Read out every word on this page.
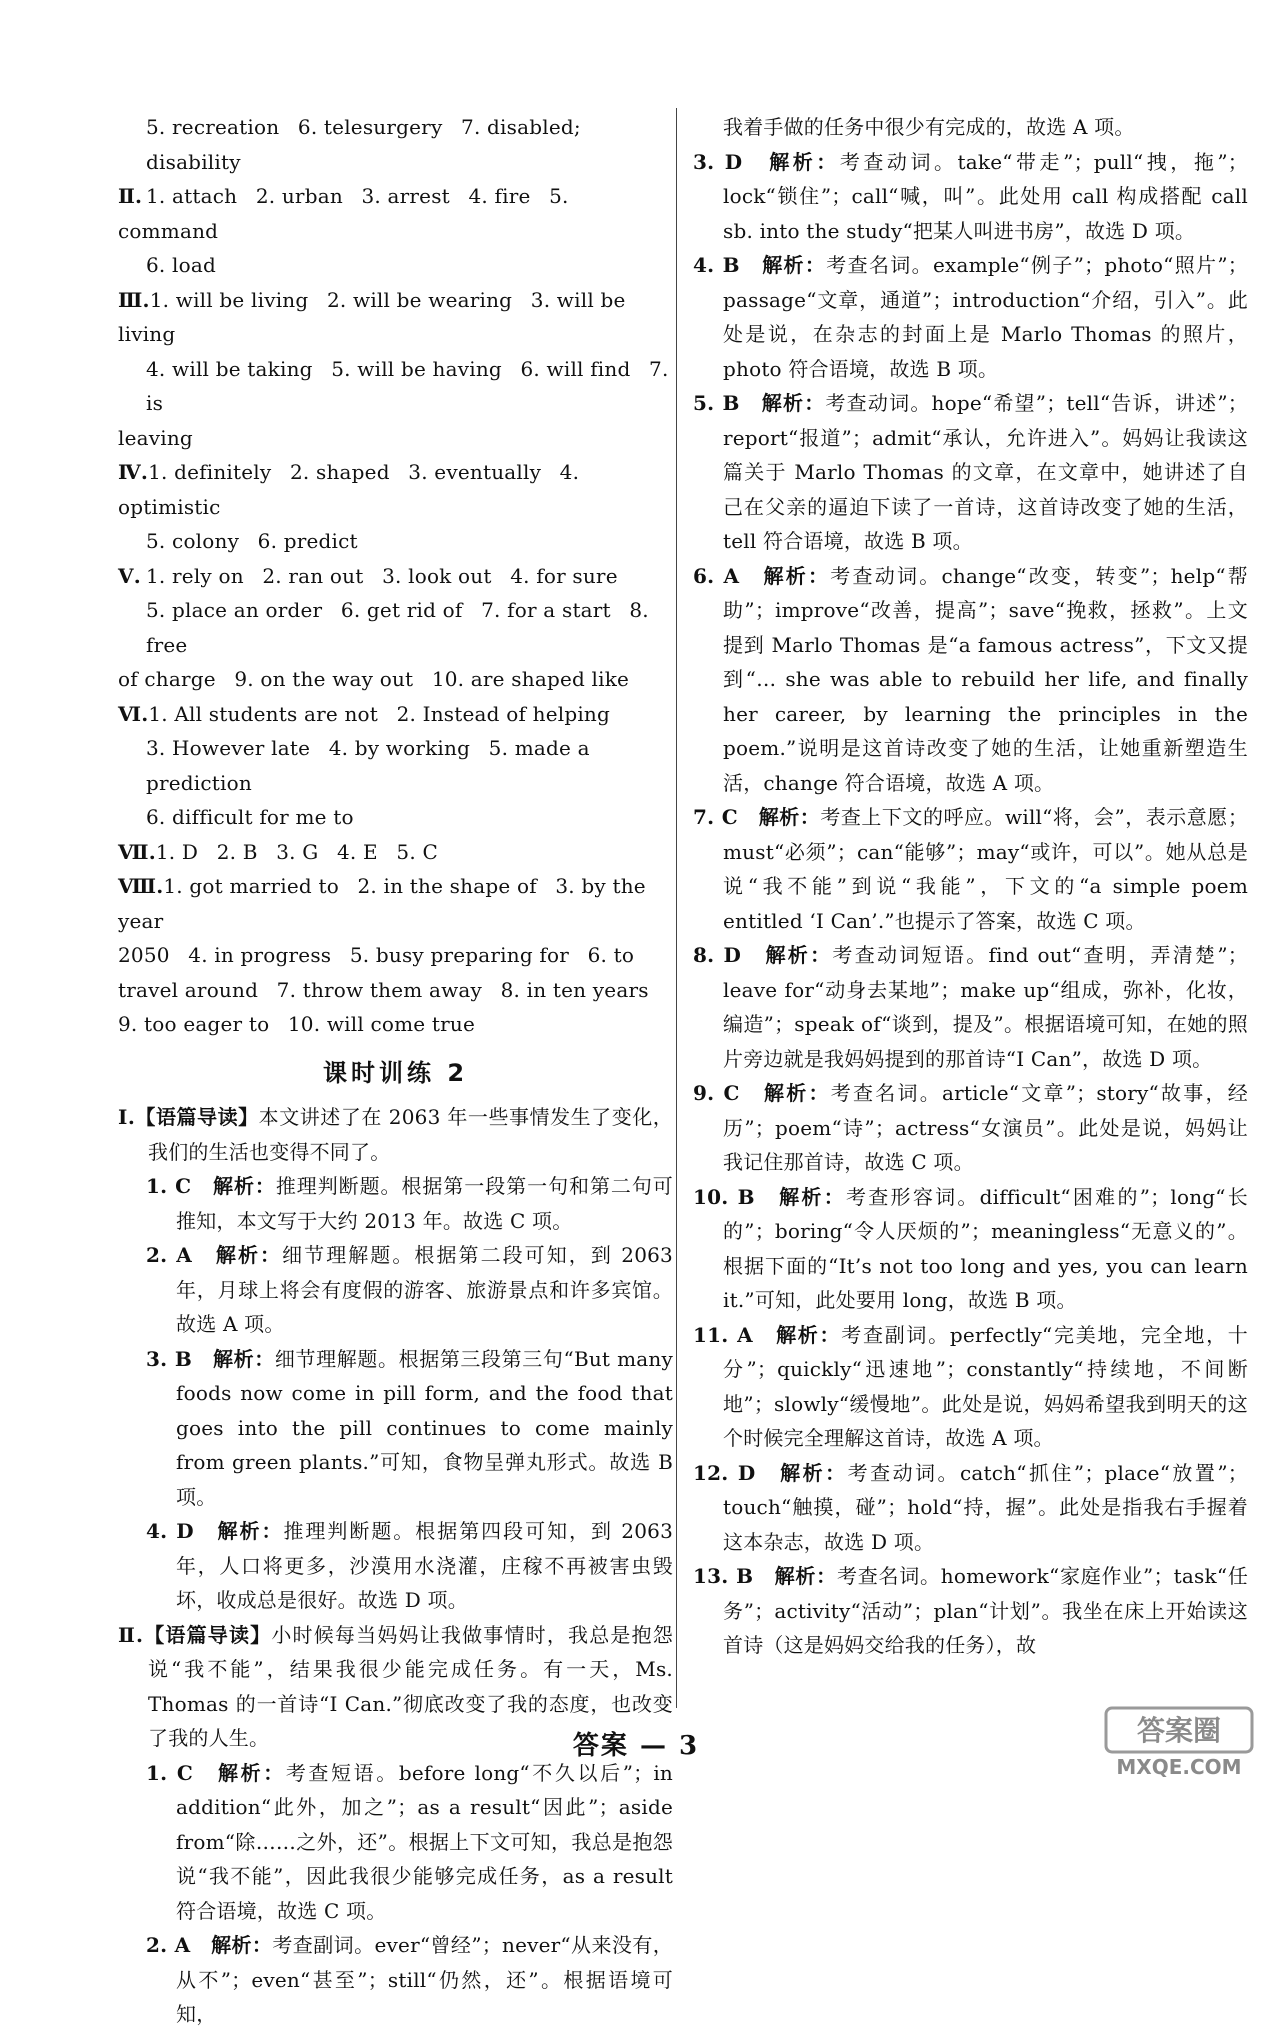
5. recreation 6. telesurgery 7. disabled; disability
Ⅱ. 1. attach 2. urban 3. arrest 4. fire 5. command
6. load
Ⅲ.1. will be living 2. will be wearing 3. will be living
4. will be taking 5. will be having 6. will find 7. is
leaving
Ⅳ.1. definitely 2. shaped 3. eventually 4. optimistic
5. colony 6. predict
Ⅴ. 1. rely on 2. ran out 3. look out 4. for sure
5. place an order 6. get rid of 7. for a start 8. free
of charge 9. on the way out 10. are shaped like
Ⅵ.1. All students are not 2. Instead of helping
3. However late 4. by working 5. made a prediction
6. difficult for me to
Ⅶ.1. D 2. B 3. G 4. E 5. C
Ⅷ.1. got married to 2. in the shape of 3. by the year
2050 4. in progress 5. busy preparing for 6. to
travel around 7. throw them away 8. in ten years
9. too eager to 10. will come true
课时训练 2
Ⅰ.【语篇导读】本文讲述了在 2063 年一些事情发生了变化，我们的生活也变得不同了。
1. C　 解析：推理判断题。根据第一段第一句和第二句可推知，本文写于大约 2013 年。故选 C 项。
2. A　 解析：细节理解题。根据第二段可知，到 2063 年，月球上将会有度假的游客、旅游景点和许多宾馆。故选 A 项。
3. B　 解析：细节理解题。根据第三段第三句“But many foods now come in pill form, and the food that goes into the pill continues to come mainly from green plants.”可知，食物呈弹丸形式。故选 B 项。
4. D　 解析：推理判断题。根据第四段可知，到 2063 年，人口将更多，沙漠用水浇灌，庄稼不再被害虫毁坏，收成总是很好。故选 D 项。
Ⅱ.【语篇导读】小时候每当妈妈让我做事情时，我总是抱怨说“我不能”，结果我很少能完成任务。有一天，Ms. Thomas 的一首诗“I Can.”彻底改变了我的态度，也改变了我的人生。
1. C　 解析：考查短语。before long“不久以后”；in addition“此外，加之”；as a result“因此”；aside from“除……之外，还”。根据上下文可知，我总是抱怨说“我不能”，因此我很少能够完成任务，as a result 符合语境，故选 C 项。
2. A　 解析：考查副词。ever“曾经”；never“从来没有，从不”；even“甚至”；still“仍然，还”。根据语境可知，
我着手做的任务中很少有完成的，故选 A 项。
3. D　 解析：考查动词。take“带走”；pull“拽，拖”；lock“锁住”；call“喊，叫”。此处用 call 构成搭配 call sb. into the study“把某人叫进书房”，故选 D 项。
4. B　 解析：考查名词。example“例子”；photo“照片”；passage“文章，通道”；introduction“介绍，引入”。此处是说，在杂志的封面上是 Marlo Thomas 的照片，photo 符合语境，故选 B 项。
5. B　 解析：考查动词。hope“希望”；tell“告诉，讲述”；report“报道”；admit“承认，允许进入”。妈妈让我读这篇关于 Marlo Thomas 的文章，在文章中，她讲述了自己在父亲的逼迫下读了一首诗，这首诗改变了她的生活，tell 符合语境，故选 B 项。
6. A　 解析：考查动词。change“改变，转变”；help“帮助”；improve“改善，提高”；save“挽救，拯救”。上文提到 Marlo Thomas 是“a famous actress”，下文又提到“… she was able to rebuild her life, and finally her career, by learning the principles in the poem.”说明是这首诗改变了她的生活，让她重新塑造生活，change 符合语境，故选 A 项。
7. C　 解析：考查上下文的呼应。will“将，会”，表示意愿；must“必须”；can“能够”；may“或许，可以”。她从总是说“我不能”到说“我能”，下文的“a simple poem entitled ‘I Can’.”也提示了答案，故选 C 项。
8. D　 解析：考查动词短语。find out“查明，弄清楚”；leave for“动身去某地”；make up“组成，弥补，化妆，编造”；speak of“谈到，提及”。根据语境可知，在她的照片旁边就是我妈妈提到的那首诗“I Can”，故选 D 项。
9. C　 解析：考查名词。article“文章”；story“故事，经历”；poem“诗”；actress“女演员”。此处是说，妈妈让我记住那首诗，故选 C 项。
10. B　 解析：考查形容词。difficult“困难的”；long“长的”；boring“令人厌烦的”；meaningless“无意义的”。根据下面的“It’s not too long and yes, you can learn it.”可知，此处要用 long，故选 B 项。
11. A　 解析：考查副词。perfectly“完美地，完全地，十分”；quickly“迅速地”；constantly“持续地，不间断地”；slowly“缓慢地”。此处是说，妈妈希望我到明天的这个时候完全理解这首诗，故选 A 项。
12. D　 解析：考查动词。catch“抓住”；place“放置”；touch“触摸，碰”；hold“持，握”。此处是指我右手握着这本杂志，故选 D 项。
13. B　 解析：考查名词。homework“家庭作业”；task“任务”；activity“活动”；plan“计划”。我坐在床上开始读这首诗（这是妈妈交给我的任务），故
答案 — 3	答案圈
MXQE.COM
